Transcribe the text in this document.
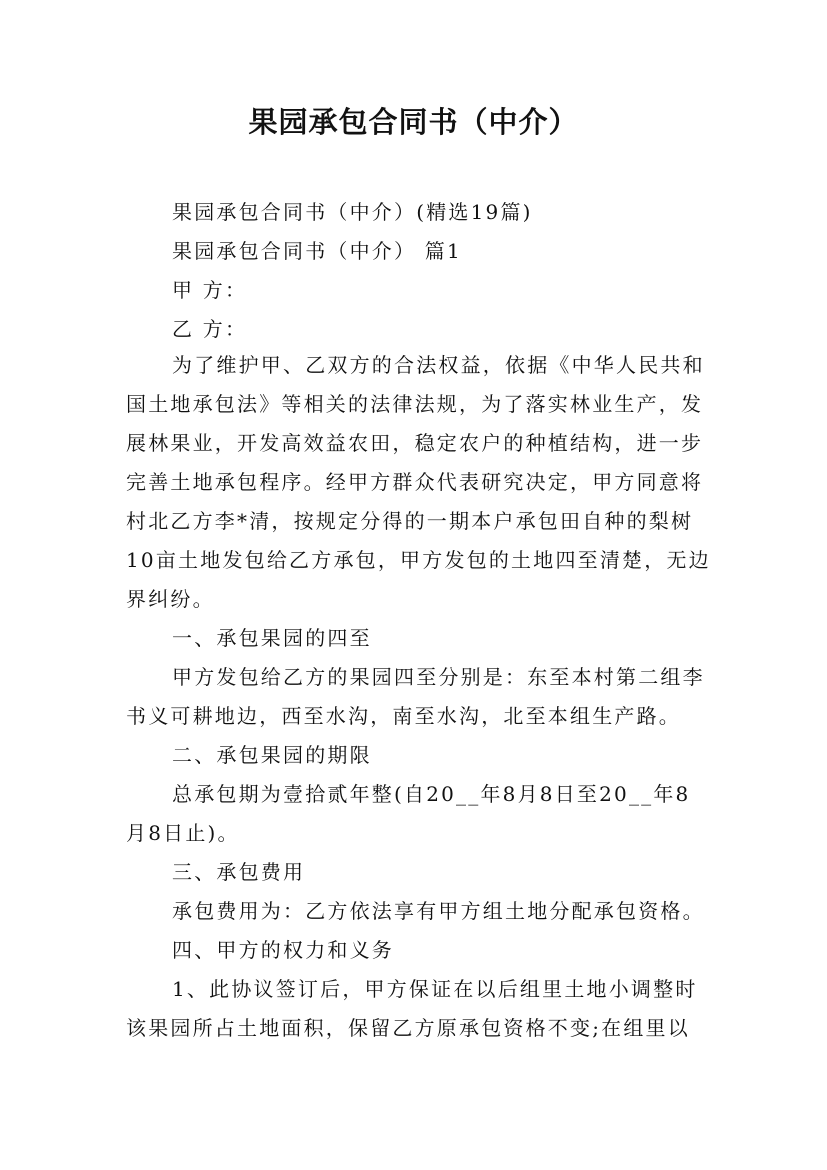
果园承包合同书（中介）
果园承包合同书（中介）(精选19篇)
果园承包合同书（中介） 篇1
甲 方：
乙 方：
为了维护甲、乙双方的合法权益，依据《中华人民共和
国土地承包法》等相关的法律法规，为了落实林业生产，发
展林果业，开发高效益农田，稳定农户的种植结构，进一步
完善土地承包程序。经甲方群众代表研究决定，甲方同意将
村北乙方李*清，按规定分得的一期本户承包田自种的梨树
10亩土地发包给乙方承包，甲方发包的土地四至清楚，无边
界纠纷。
一、承包果园的四至
甲方发包给乙方的果园四至分别是：东至本村第二组李
书义可耕地边，西至水沟，南至水沟，北至本组生产路。
二、承包果园的期限
总承包期为壹拾贰年整(自20__年8月8日至20__年8
月8日止)。
三、承包费用
承包费用为：乙方依法享有甲方组土地分配承包资格。
四、甲方的权力和义务
1、此协议签订后，甲方保证在以后组里土地小调整时
该果园所占土地面积，保留乙方原承包资格不变;在组里以
